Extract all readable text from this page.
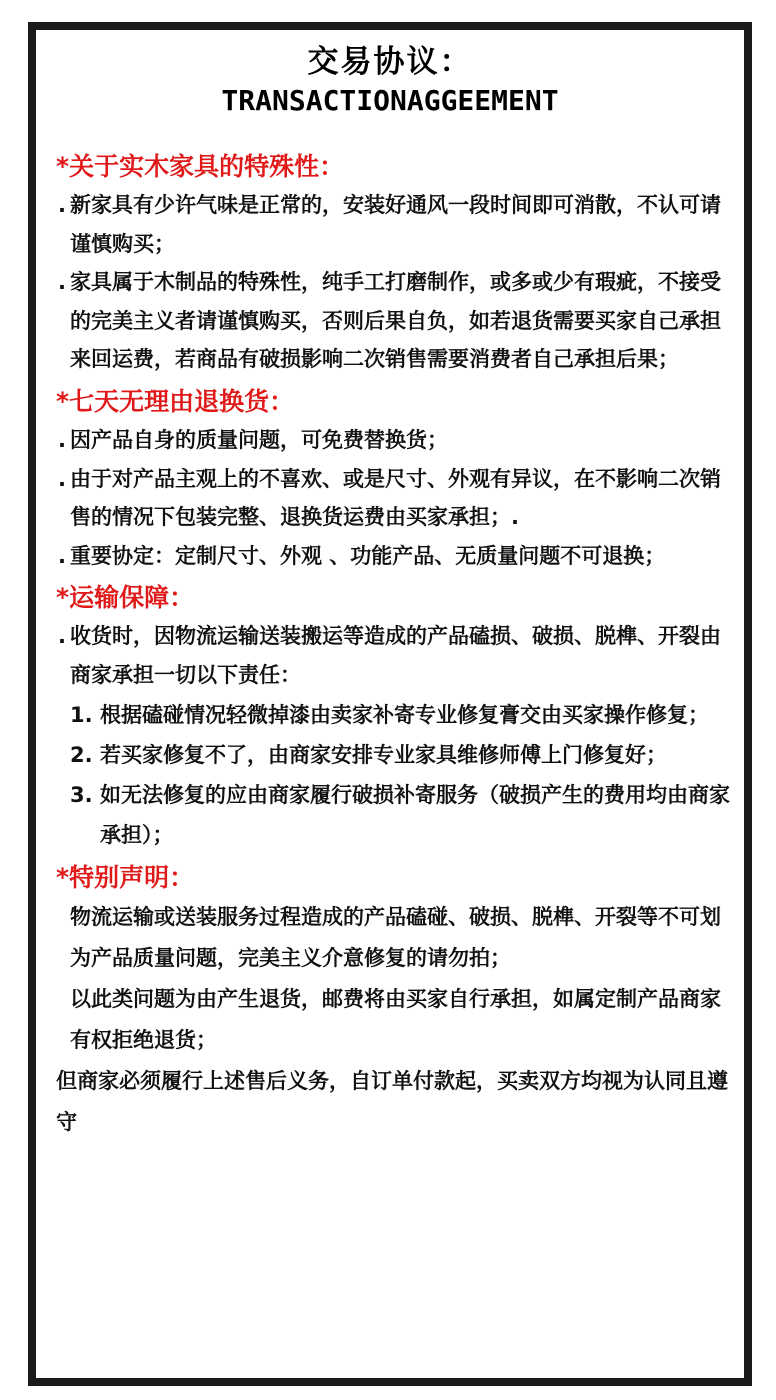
交易协议：
TRANSACTIONAGGEEMENT
*关于实木家具的特殊性：
. 新家具有少许气味是正常的，安装好通风一段时间即可消散，不认可请谨慎购买；
. 家具属于木制品的特殊性，纯手工打磨制作，或多或少有瑕疵，不接受的完美主义者请谨慎购买，否则后果自负，如若退货需要买家自己承担来回运费，若商品有破损影响二次销售需要消费者自己承担后果；
*七天无理由退换货：
. 因产品自身的质量问题，可免费替换货；
. 由于对产品主观上的不喜欢、或是尺寸、外观有异议，在不影响二次销售的情况下包装完整、退换货运费由买家承担；.
. 重要协定：定制尺寸、外观 、功能产品、无质量问题不可退换；
*运输保障：
. 收货时，因物流运输送装搬运等造成的产品磕损、破损、脱榫、开裂由商家承担一切以下责任：
1. 根据磕碰情况轻微掉漆由卖家补寄专业修复膏交由买家操作修复；
2. 若买家修复不了，由商家安排专业家具维修师傅上门修复好；
3. 如无法修复的应由商家履行破损补寄服务（破损产生的费用均由商家承担）；
*特别声明：
物流运输或送装服务过程造成的产品磕碰、破损、脱榫、开裂等不可划为产品质量问题，完美主义介意修复的请勿拍；
以此类问题为由产生退货，邮费将由买家自行承担，如属定制产品商家有权拒绝退货；
但商家必须履行上述售后义务，自订单付款起，买卖双方均视为认同且遵守
